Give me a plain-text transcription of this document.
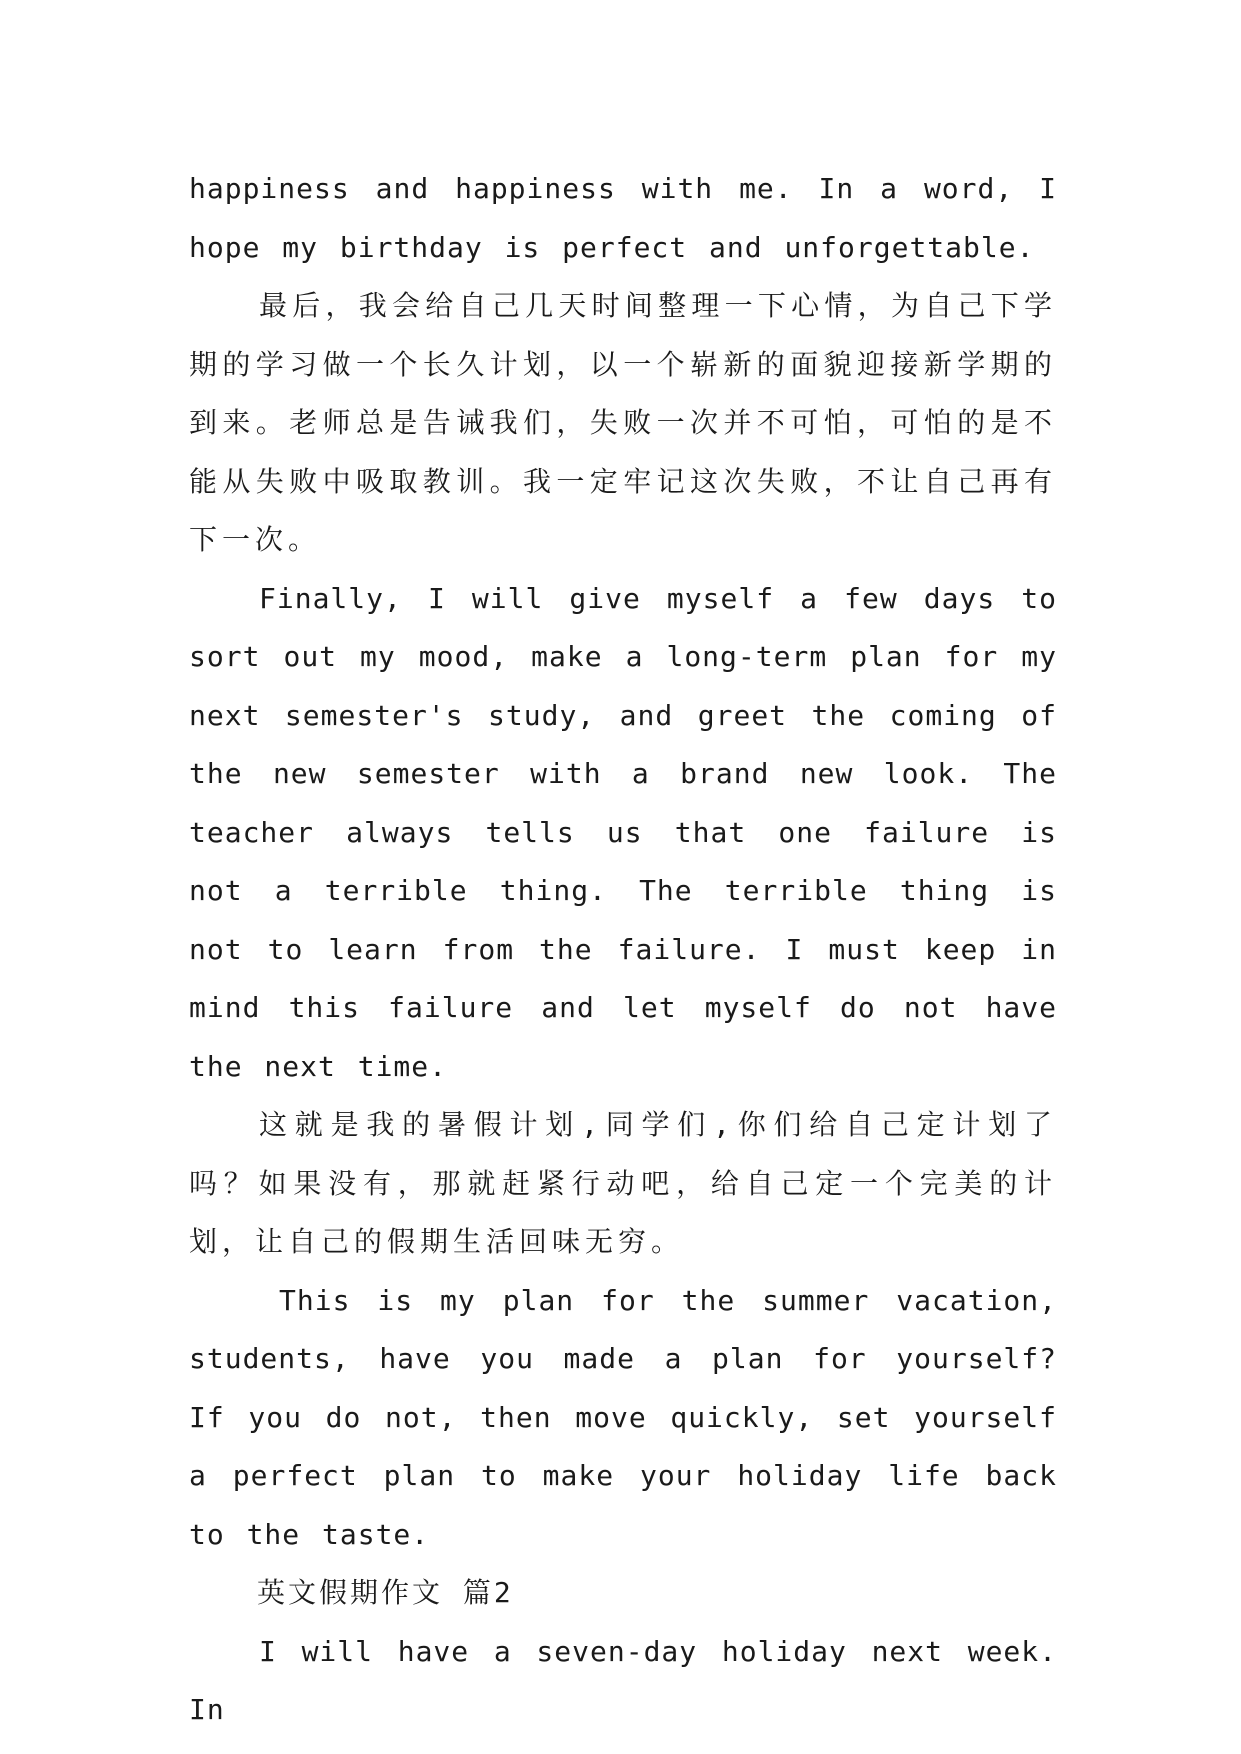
happiness and happiness with me. In a word, I hope my birthday is perfect and unforgettable.

最后，我会给自己几天时间整理一下心情，为自己下学期的学习做一个长久计划，以一个崭新的面貌迎接新学期的到来。老师总是告诫我们，失败一次并不可怕，可怕的是不能从失败中吸取教训。我一定牢记这次失败，不让自己再有下一次。

Finally, I will give myself a few days to sort out my mood, make a long-term plan for my next semester's study, and greet the coming of the new semester with a brand new look. The teacher always tells us that one failure is not a terrible thing. The terrible thing is not to learn from the failure. I must keep in mind this failure and let myself do not have the next time.

这就是我的暑假计划,同学们,你们给自己定计划了吗？如果没有，那就赶紧行动吧，给自己定一个完美的计划，让自己的假期生活回味无穷。

This is my plan for the summer vacation, students, have you made a plan for yourself? If you do not, then move quickly, set yourself a perfect plan to make your holiday life back to the taste.

英文假期作文 篇2

I will have a seven-day holiday next week. In
